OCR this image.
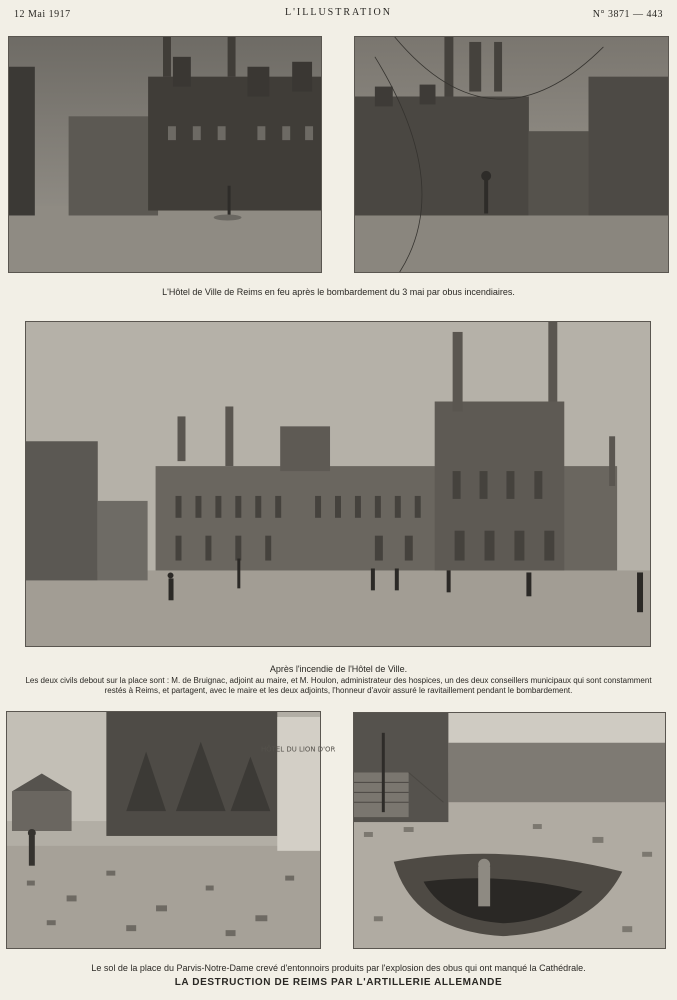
12 Mai 1917	L'ILLUSTRATION	N° 3871 — 443
L'Hôtel de Ville de Reims en feu après le bombardement du 3 mai par obus incendiaires.
Après l'incendie de l'Hôtel de Ville.
Les deux civils debout sur la place sont : M. de Bruignac, adjoint au maire, et M. Houlon, administrateur des hospices, un des deux conseillers municipaux qui sont constamment restés à Reims, et partagent, avec le maire et les deux adjoints, l'honneur d'avoir assuré le ravitaillement pendant le bombardement.
HÔTEL DU LION D'OR
Le sol de la place du Parvis-Notre-Dame crevé d'entonnoirs produits par l'explosion des obus qui ont manqué la Cathédrale.
LA DESTRUCTION DE REIMS PAR L'ARTILLERIE ALLEMANDE
